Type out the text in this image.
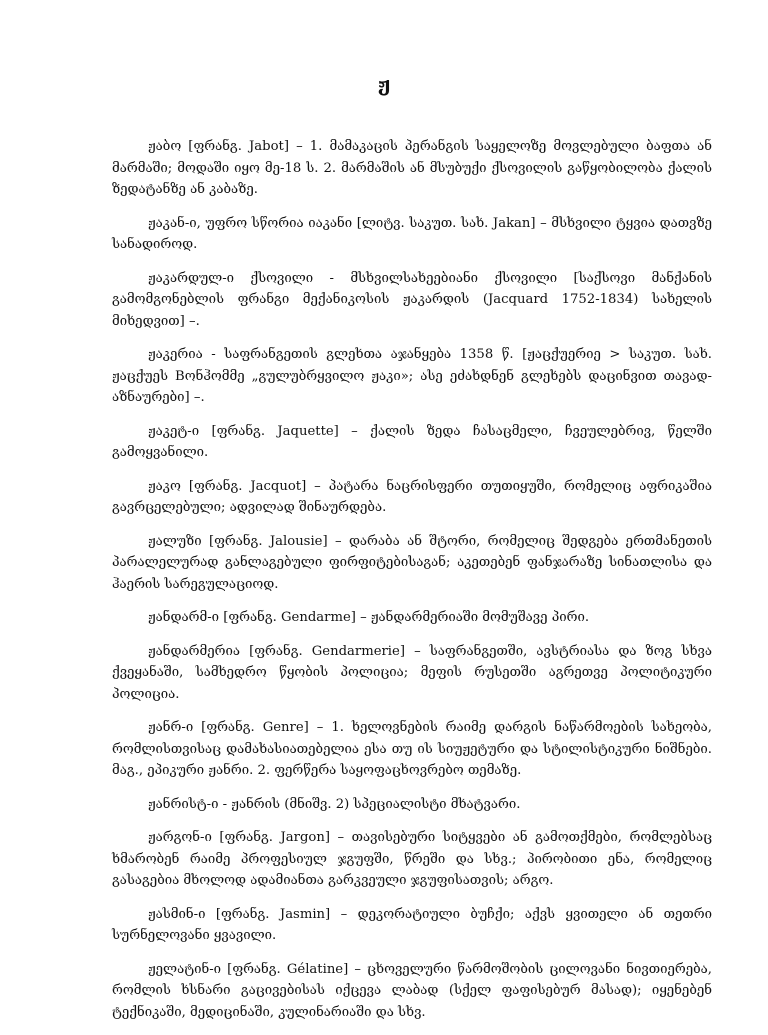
ჟ

ჟაბო [ფრანგ. Jabot] – 1. მამაკაცის პერანგის საყელოზე მოვლებული ბაფთა ან მარმაში; მოდაში იყო მე-18 ს. 2. მარმაშის ან მსუბუქი ქსოვილის გაწყობილობა ქალის ზედატანზე ან კაბაზე.

ჟაკან-ი, უფრო სწორია იაკანი [ლიტვ. საკუთ. სახ. Jakan] – მსხვილი ტყვია დათვზე სანადიროდ.

ჟაკარდულ-ი ქსოვილი - მსხვილსახეებიანი ქსოვილი [საქსოვი მანქანის გამომგონებლის ფრანგი მექანიკოსის ჟაკარდის (Jacquard 1752-1834) სახელის მიხედვით] –.

ჟაკერია - საფრანგეთის გლეხთა აჯანყება 1358 წ. [ჟაცქუერიე > საკუთ. სახ. ჟაცქუეს Bონჰომმე „გულუბრყვილო ჟაკი»; ასე ეძახდნენ გლეხებს დაცინვით თავად-აზნაურები] –.

ჟაკეტ-ი [ფრანგ. Jaquette] – ქალის ზედა ჩასაცმელი, ჩვეულებრივ, წელში გამოყვანილი.

ჟაკო [ფრანგ. Jacquot] – პატარა ნაცრისფერი თუთიყუში, რომელიც აფრიკაშია გავრცელებული; ადვილად შინაურდება.

ჟალუზი [ფრანგ. Jalousie] – დარაბა ან შტორი, რომელიც შედგება ერთმანეთის პარალელურად განლაგებული ფირფიტებისაგან; აკეთებენ ფანჯარაზე სინათლისა და ჰაერის სარეგულაციოდ.

ჟანდარმ-ი [ფრანგ. Gendarme] – ჟანდარმერიაში მომუშავე პირი.

ჟანდარმერია [ფრანგ. Gendarmerie] – საფრანგეთში, ავსტრიასა და ზოგ სხვა ქვეყანაში, სამხედრო წყობის პოლიცია; მეფის რუსეთში აგრეთვე პოლიტიკური პოლიცია.

ჟანრ-ი [ფრანგ. Genre] – 1. ხელოვნების რაიმე დარგის ნაწარმოების სახეობა, რომლისთვისაც დამახასიათებელია ესა თუ ის სიუჟეტური და სტილისტიკური ნიშნები. მაგ., ეპიკური ჟანრი. 2. ფერწერა საყოფაცხოვრებო თემაზე.

ჟანრისტ-ი - ჟანრის (მნიშვ. 2) სპეციალისტი მხატვარი.

ჟარგონ-ი [ფრანგ. Jargon] – თავისებური სიტყვები ან გამოთქმები, რომლებსაც ხმარობენ რაიმე პროფესიულ ჯგუფში, წრეში და სხვ.; პირობითი ენა, რომელიც გასაგებია მხოლოდ ადამიანთა გარკვეული ჯგუფისათვის; არგო.

ჟასმინ-ი [ფრანგ. Jasmin] – დეკორატიული ბუჩქი; აქვს ყვითელი ან თეთრი სურნელოვანი ყვავილი.

ჟელატინ-ი [ფრანგ. Gélatine] – ცხოველური წარმოშობის ცილოვანი ნივთიერება, რომლის ხსნარი გაცივებისას იქცევა ლაბად (სქელ ფაფისებურ მასად); იყენებენ ტექნიკაში, მედიცინაში, კულინარიაში და სხვ.
